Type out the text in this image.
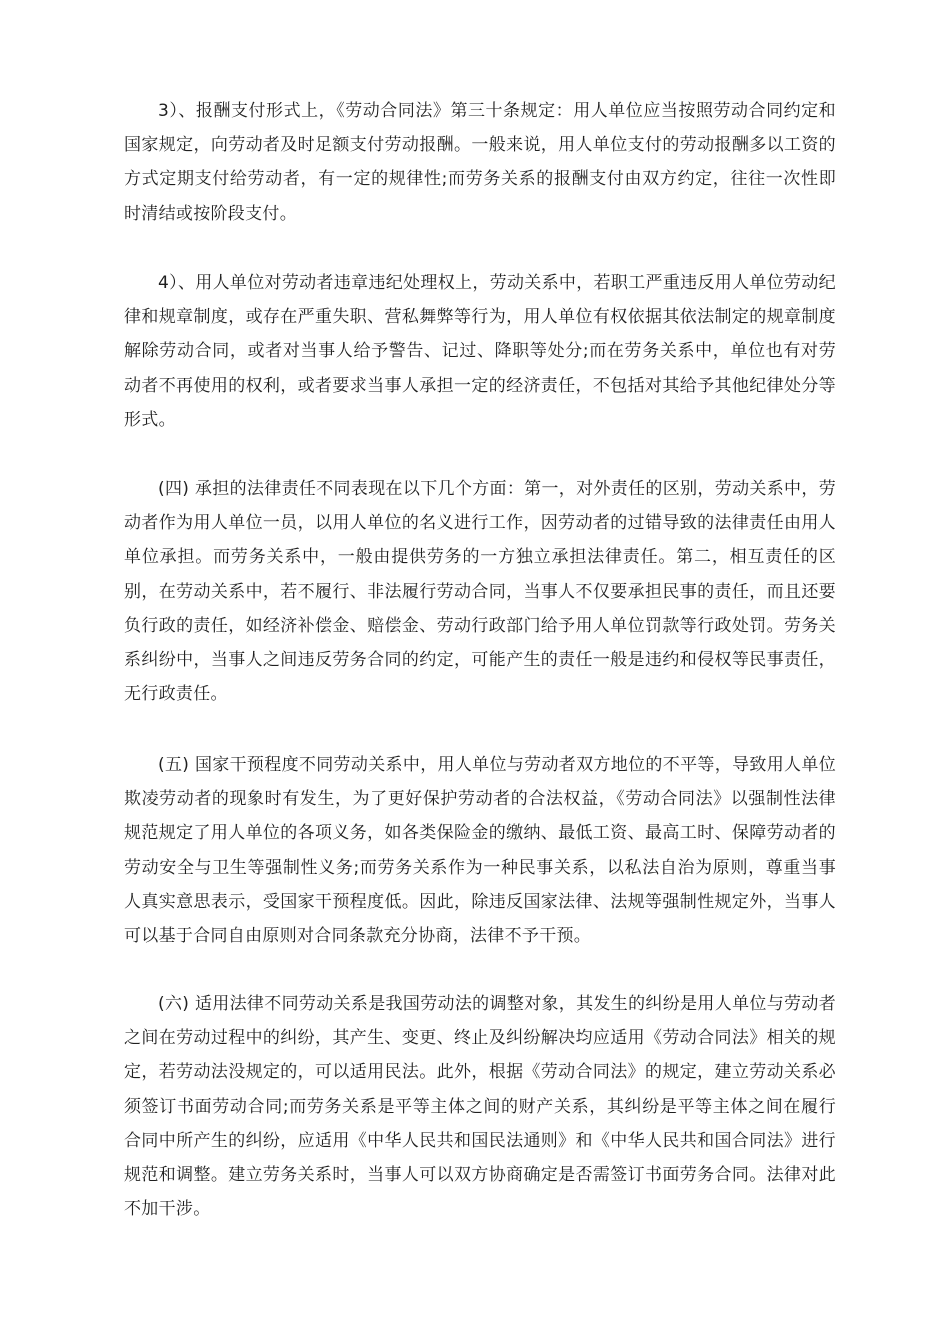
3）、报酬支付形式上，《劳动合同法》第三十条规定：用人单位应当按照劳动合同约定和国家规定，向劳动者及时足额支付劳动报酬。一般来说，用人单位支付的劳动报酬多以工资的方式定期支付给劳动者，有一定的规律性;而劳务关系的报酬支付由双方约定，往往一次性即时清结或按阶段支付。

4）、用人单位对劳动者违章违纪处理权上，劳动关系中，若职工严重违反用人单位劳动纪律和规章制度，或存在严重失职、营私舞弊等行为，用人单位有权依据其依法制定的规章制度解除劳动合同，或者对当事人给予警告、记过、降职等处分;而在劳务关系中，单位也有对劳动者不再使用的权利，或者要求当事人承担一定的经济责任，不包括对其给予其他纪律处分等形式。

(四) 承担的法律责任不同表现在以下几个方面：第一，对外责任的区别，劳动关系中，劳动者作为用人单位一员，以用人单位的名义进行工作，因劳动者的过错导致的法律责任由用人单位承担。而劳务关系中，一般由提供劳务的一方独立承担法律责任。第二，相互责任的区别，在劳动关系中，若不履行、非法履行劳动合同，当事人不仅要承担民事的责任，而且还要负行政的责任，如经济补偿金、赔偿金、劳动行政部门给予用人单位罚款等行政处罚。劳务关系纠纷中，当事人之间违反劳务合同的约定，可能产生的责任一般是违约和侵权等民事责任，无行政责任。

(五) 国家干预程度不同劳动关系中，用人单位与劳动者双方地位的不平等，导致用人单位欺凌劳动者的现象时有发生，为了更好保护劳动者的合法权益，《劳动合同法》以强制性法律规范规定了用人单位的各项义务，如各类保险金的缴纳、最低工资、最高工时、保障劳动者的劳动安全与卫生等强制性义务;而劳务关系作为一种民事关系，以私法自治为原则，尊重当事人真实意思表示，受国家干预程度低。因此，除违反国家法律、法规等强制性规定外，当事人可以基于合同自由原则对合同条款充分协商，法律不予干预。

(六) 适用法律不同劳动关系是我国劳动法的调整对象，其发生的纠纷是用人单位与劳动者之间在劳动过程中的纠纷，其产生、变更、终止及纠纷解决均应适用《劳动合同法》相关的规定，若劳动法没规定的，可以适用民法。此外，根据《劳动合同法》的规定，建立劳动关系必须签订书面劳动合同;而劳务关系是平等主体之间的财产关系，其纠纷是平等主体之间在履行合同中所产生的纠纷，应适用《中华人民共和国民法通则》和《中华人民共和国合同法》进行规范和调整。建立劳务关系时，当事人可以双方协商确定是否需签订书面劳务合同。法律对此不加干涉。
